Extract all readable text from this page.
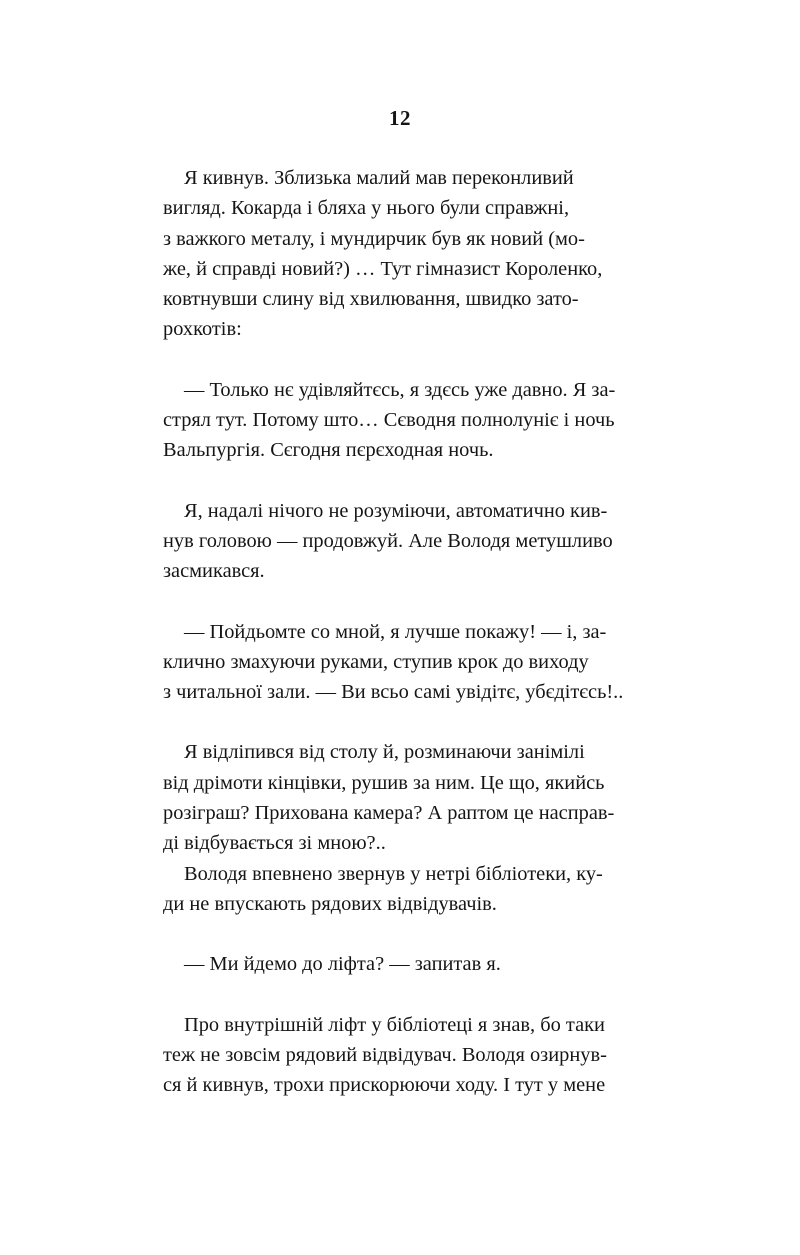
12

Я кивнув. Зблизька малий мав переконливий
вигляд. Кокарда і бляха у нього були справжні,
з важкого металу, і мундирчик був як новий (мо-
же, й справді новий?) … Тут гімназист Короленко,
ковтнувши слину від хвилювання, швидко зато-
рохкотів:

— Только нє удівляйтєсь, я здєсь уже давно. Я за-
стрял тут. Потому што… Сєводня полнолуніє і ночь
Вальпургія. Сєгодня пєрєходная ночь.

Я, надалі нічого не розуміючи, автоматично кив-
нув головою — продовжуй. Але Володя метушливо
засмикався.

— Пойдьомте со мной, я лучше покажу! — і, за-
клично змахуючи руками, ступив крок до виходу
з читальної зали. — Ви всьо самі увідітє, убєдітєсь!..

Я відліпився від столу й, розминаючи занімілі
від дрімоти кінцівки, рушив за ним. Це що, якийсь
розіграш? Прихована камера? А раптом це насправ-
ді відбувається зі мною?..

Володя впевнено звернув у нетрі бібліотеки, ку-
ди не впускають рядових відвідувачів.

— Ми йдемо до ліфта? — запитав я.

Про внутрішній ліфт у бібліотеці я знав, бо таки
теж не зовсім рядовий відвідувач. Володя озирнув-
ся й кивнув, трохи прискорюючи ходу. І тут у мене
